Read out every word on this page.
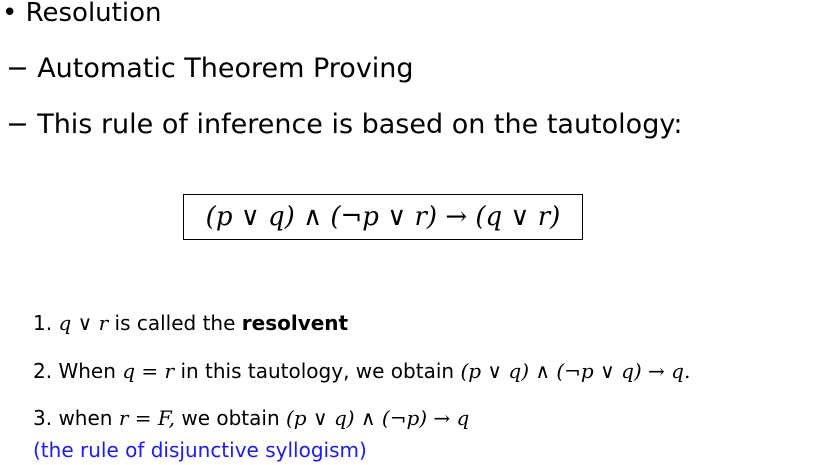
• Resolution
− Automatic Theorem Proving
− This rule of inference is based on the tautology:
(p ∨ q) ∧ (¬p ∨ r) → (q ∨ r)
1. q ∨ r is called the resolvent
2. When q = r in this tautology, we obtain (p ∨ q) ∧ (¬p ∨ q) → q.
3. when r = F, we obtain (p ∨ q) ∧ (¬p) → q
(the rule of disjunctive syllogism)
